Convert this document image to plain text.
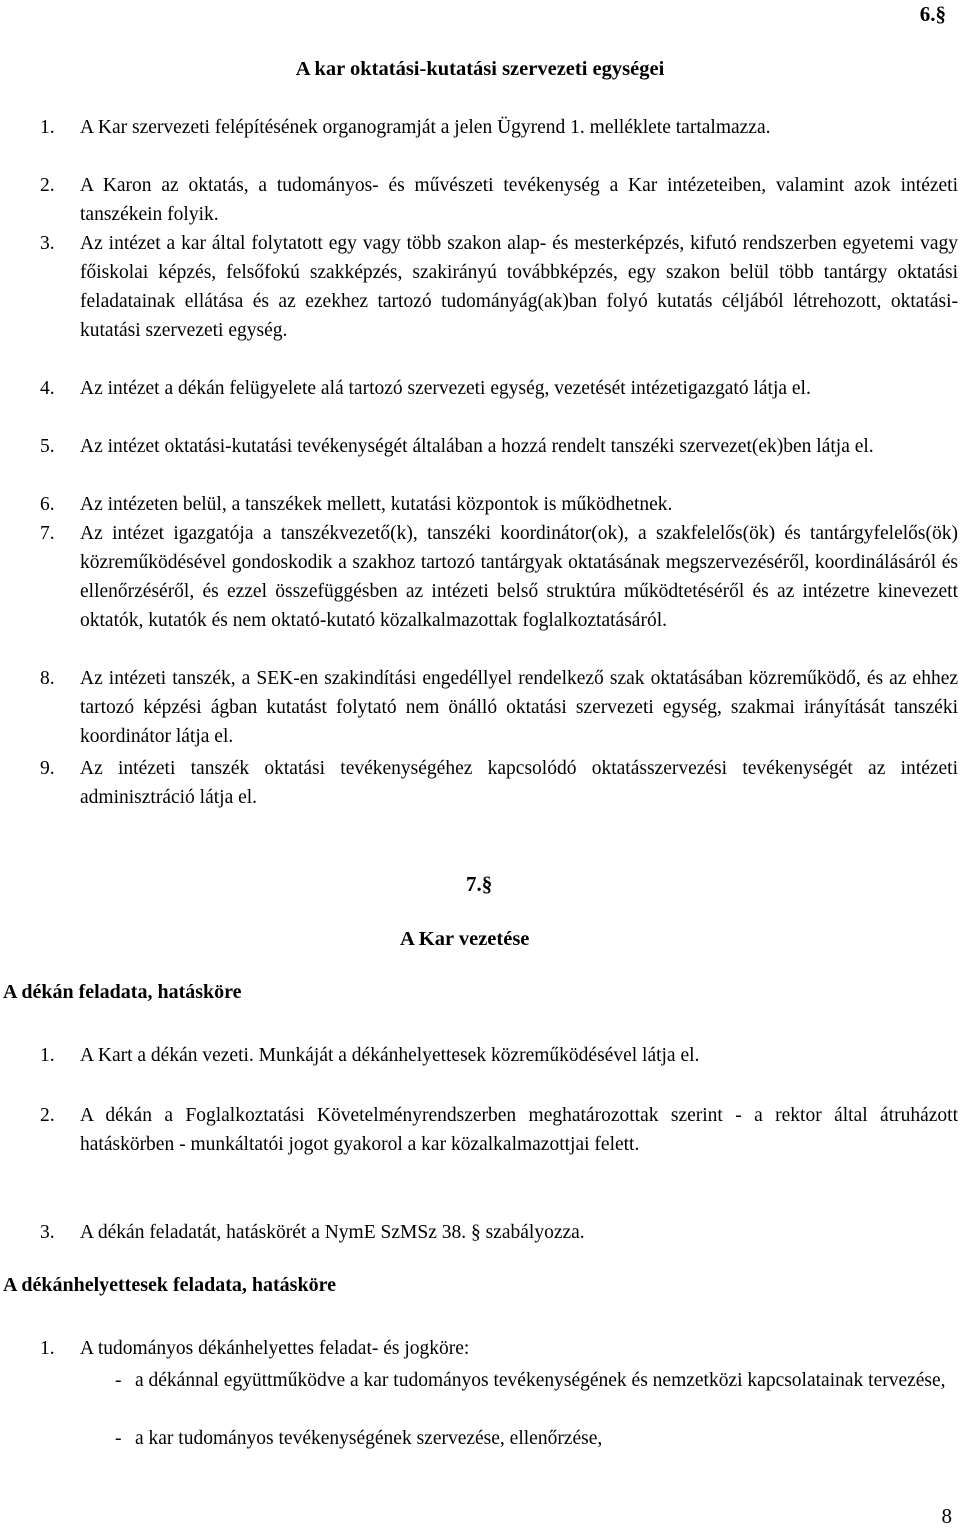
6.§
A kar oktatási-kutatási szervezeti egységei
1. A Kar szervezeti felépítésének organogramját a jelen Ügyrend 1. melléklete tartalmazza.
2. A Karon az oktatás, a tudományos- és művészeti tevékenység a Kar intézeteiben, valamint azok intézeti tanszékein folyik.
3. Az intézet a kar által folytatott egy vagy több szakon alap- és mesterképzés, kifutó rendszerben egyetemi vagy főiskolai képzés, felsőfokú szakképzés, szakirányú továbbképzés, egy szakon belül több tantárgy oktatási feladatainak ellátása és az ezekhez tartozó tudományág(ak)ban folyó kutatás céljából létrehozott, oktatási-kutatási szervezeti egység.
4. Az intézet a dékán felügyelete alá tartozó szervezeti egység, vezetését intézetigazgató látja el.
5. Az intézet oktatási-kutatási tevékenységét általában a hozzá rendelt tanszéki szervezet(ek)ben látja el.
6. Az intézeten belül, a tanszékek mellett, kutatási központok is működhetnek.
7. Az intézet igazgatója a tanszékvezető(k), tanszéki koordinátor(ok), a szakfelelős(ök) és tantárgyfelelős(ök) közreműködésével gondoskodik a szakhoz tartozó tantárgyak oktatásának megszervezéséről, koordinálásáról és ellenőrzéséről, és ezzel összefüggésben az intézeti belső struktúra működtetéséről és az intézetre kinevezett oktatók, kutatók és nem oktató-kutató közalkalmazottak foglalkoztatásáról.
8. Az intézeti tanszék, a SEK-en szakindítási engedéllyel rendelkező szak oktatásában közreműködő, és az ehhez tartozó képzési ágban kutatást folytató nem önálló oktatási szervezeti egység, szakmai irányítását tanszéki koordinátor látja el.
9. Az intézeti tanszék oktatási tevékenységéhez kapcsolódó oktatásszervezési tevékenységét az intézeti adminisztráció látja el.
7.§
A Kar vezetése
A dékán feladata, hatásköre
1. A Kart a dékán vezeti. Munkáját a dékánhelyettesek közreműködésével látja el.
2. A dékán a Foglalkoztatási Követelményrendszerben meghatározottak szerint - a rektor által átruházott hatáskörben - munkáltatói jogot gyakorol a kar közalkalmazottjai felett.
3. A dékán feladatát, hatáskörét a NymE SzMSz 38. § szabályozza.
A dékánhelyettesek feladata, hatásköre
1. A tudományos dékánhelyettes feladat- és jogköre:
- a dékánnal együttműködve a kar tudományos tevékenységének és nemzetközi kapcsolatainak tervezése,
- a kar tudományos tevékenységének szervezése, ellenőrzése,
8
